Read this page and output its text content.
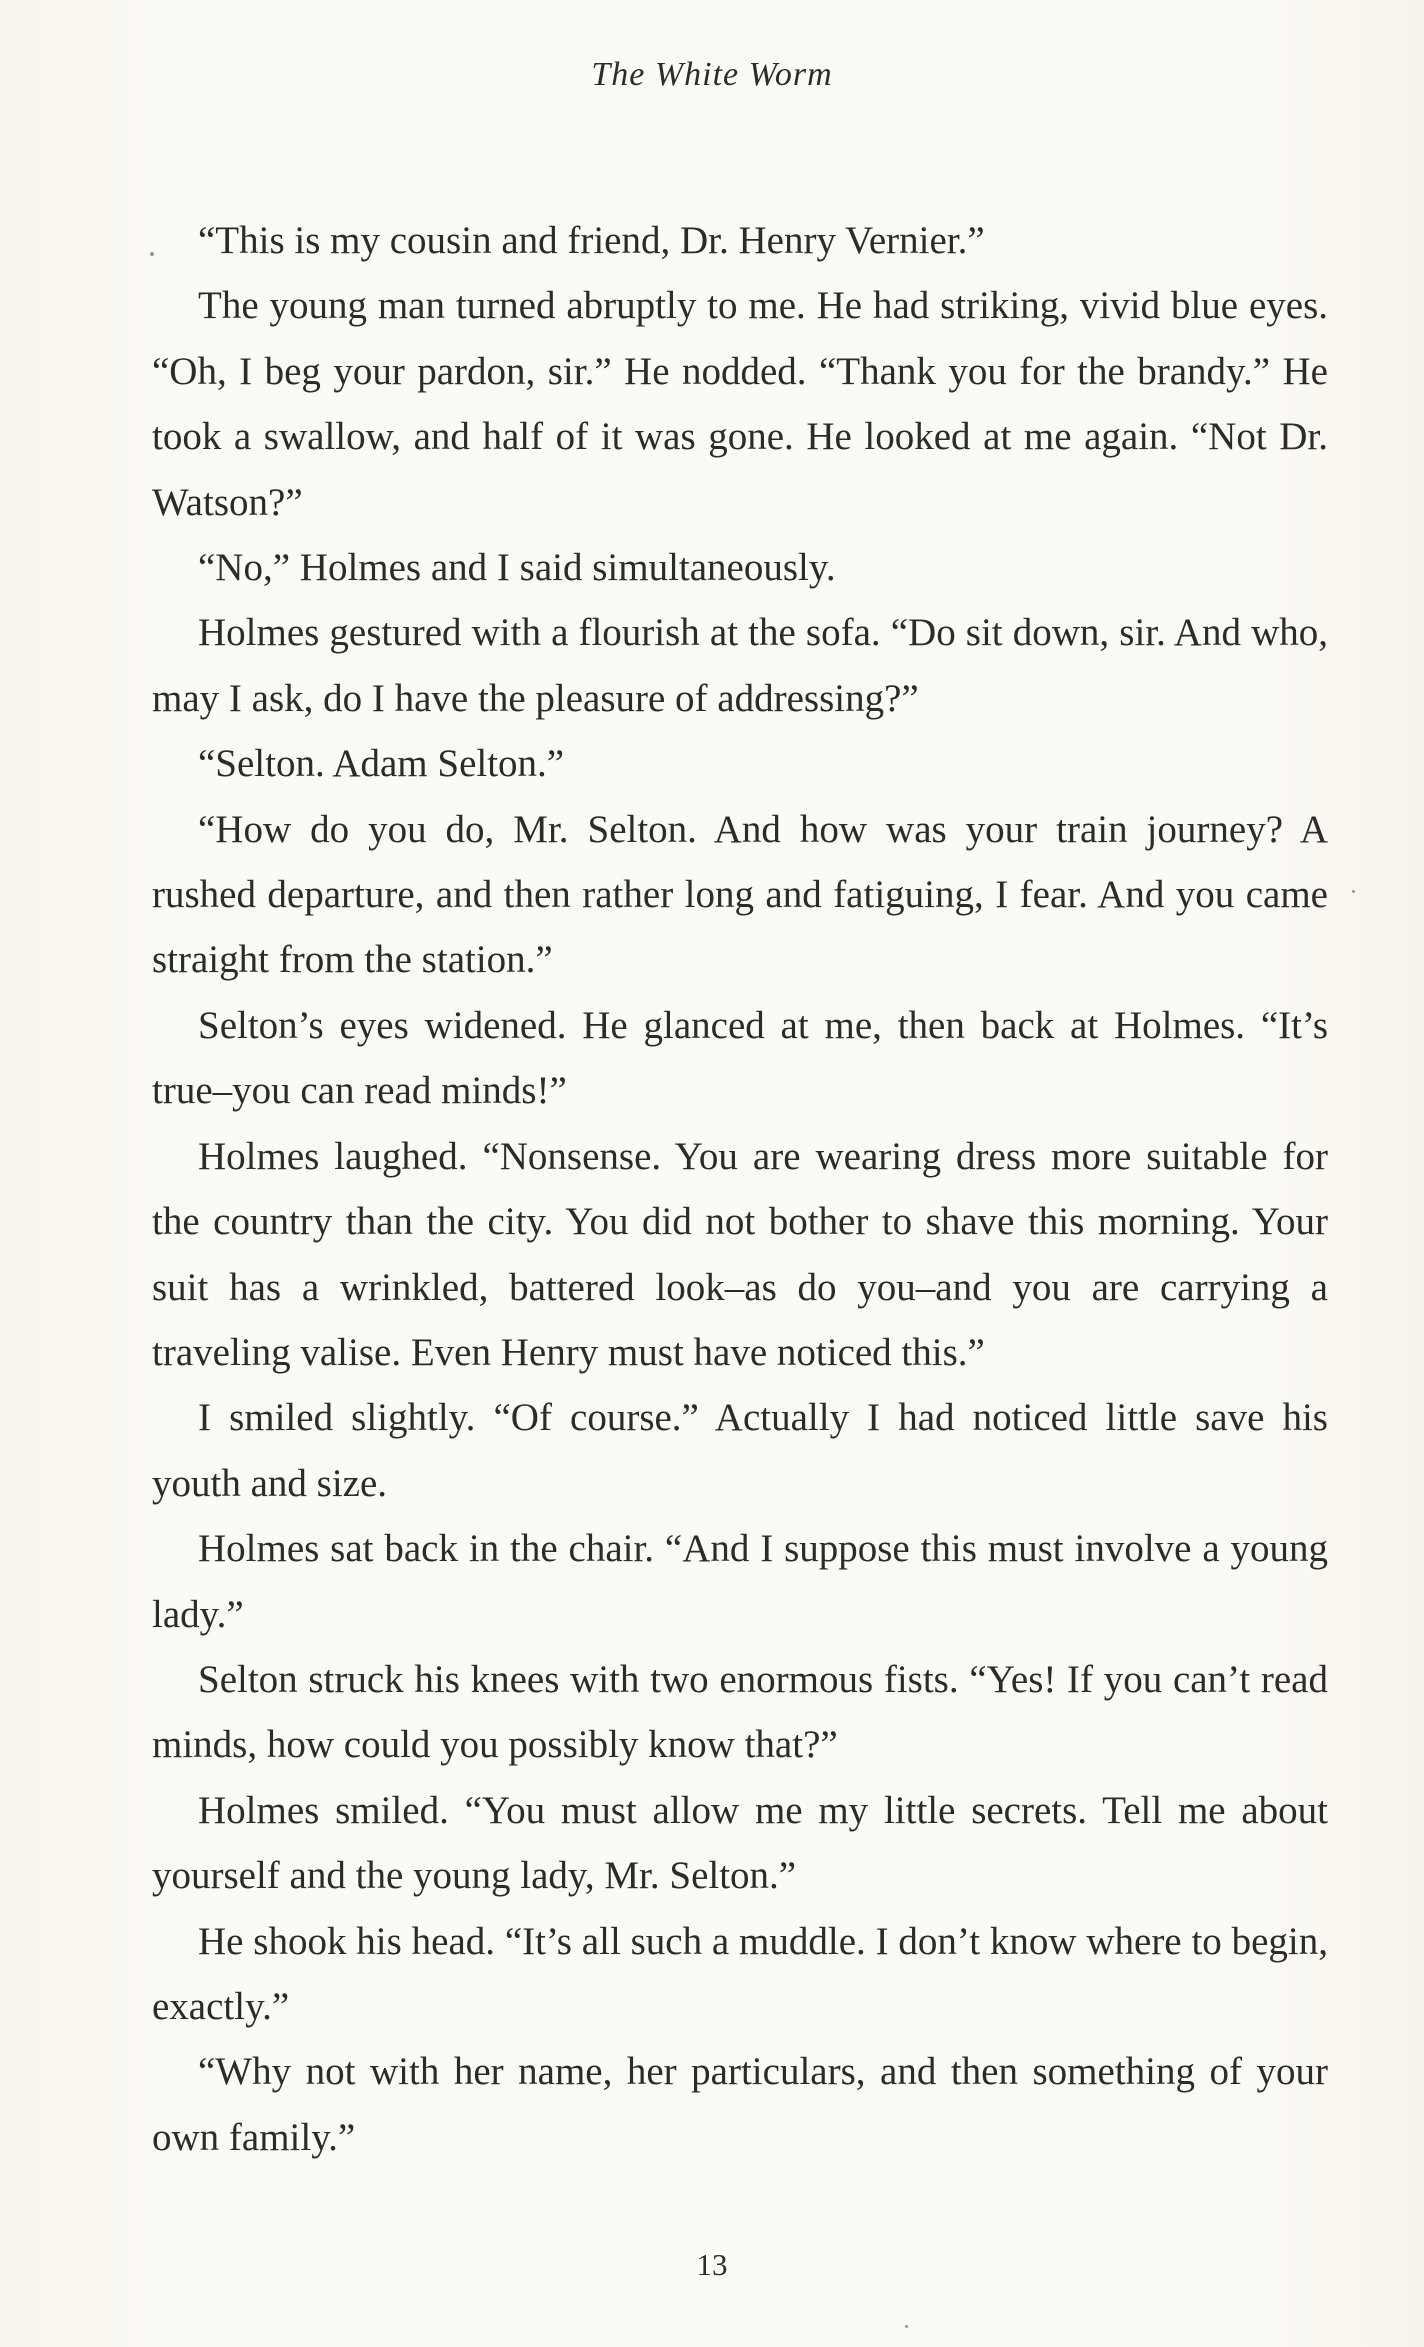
The White Worm

“This is my cousin and friend, Dr. Henry Vernier.”

The young man turned abruptly to me. He had striking, vivid blue eyes. “Oh, I beg your pardon, sir.” He nodded. “Thank you for the brandy.” He took a swallow, and half of it was gone. He looked at me again. “Not Dr. Watson?”

“No,” Holmes and I said simultaneously.

Holmes gestured with a flourish at the sofa. “Do sit down, sir. And who, may I ask, do I have the pleasure of addressing?”

“Selton. Adam Selton.”

“How do you do, Mr. Selton. And how was your train journey? A rushed departure, and then rather long and fatiguing, I fear. And you came straight from the station.”

Selton’s eyes widened. He glanced at me, then back at Holmes. “It’s true–you can read minds!”

Holmes laughed. “Nonsense. You are wearing dress more suitable for the country than the city. You did not bother to shave this morning. Your suit has a wrinkled, battered look–as do you–and you are carrying a traveling valise. Even Henry must have noticed this.”

I smiled slightly. “Of course.” Actually I had noticed little save his youth and size.

Holmes sat back in the chair. “And I suppose this must involve a young lady.”

Selton struck his knees with two enormous fists. “Yes! If you can’t read minds, how could you possibly know that?”

Holmes smiled. “You must allow me my little secrets. Tell me about yourself and the young lady, Mr. Selton.”

He shook his head. “It’s all such a muddle. I don’t know where to begin, exactly.”

“Why not with her name, her particulars, and then something of your own family.”

13
